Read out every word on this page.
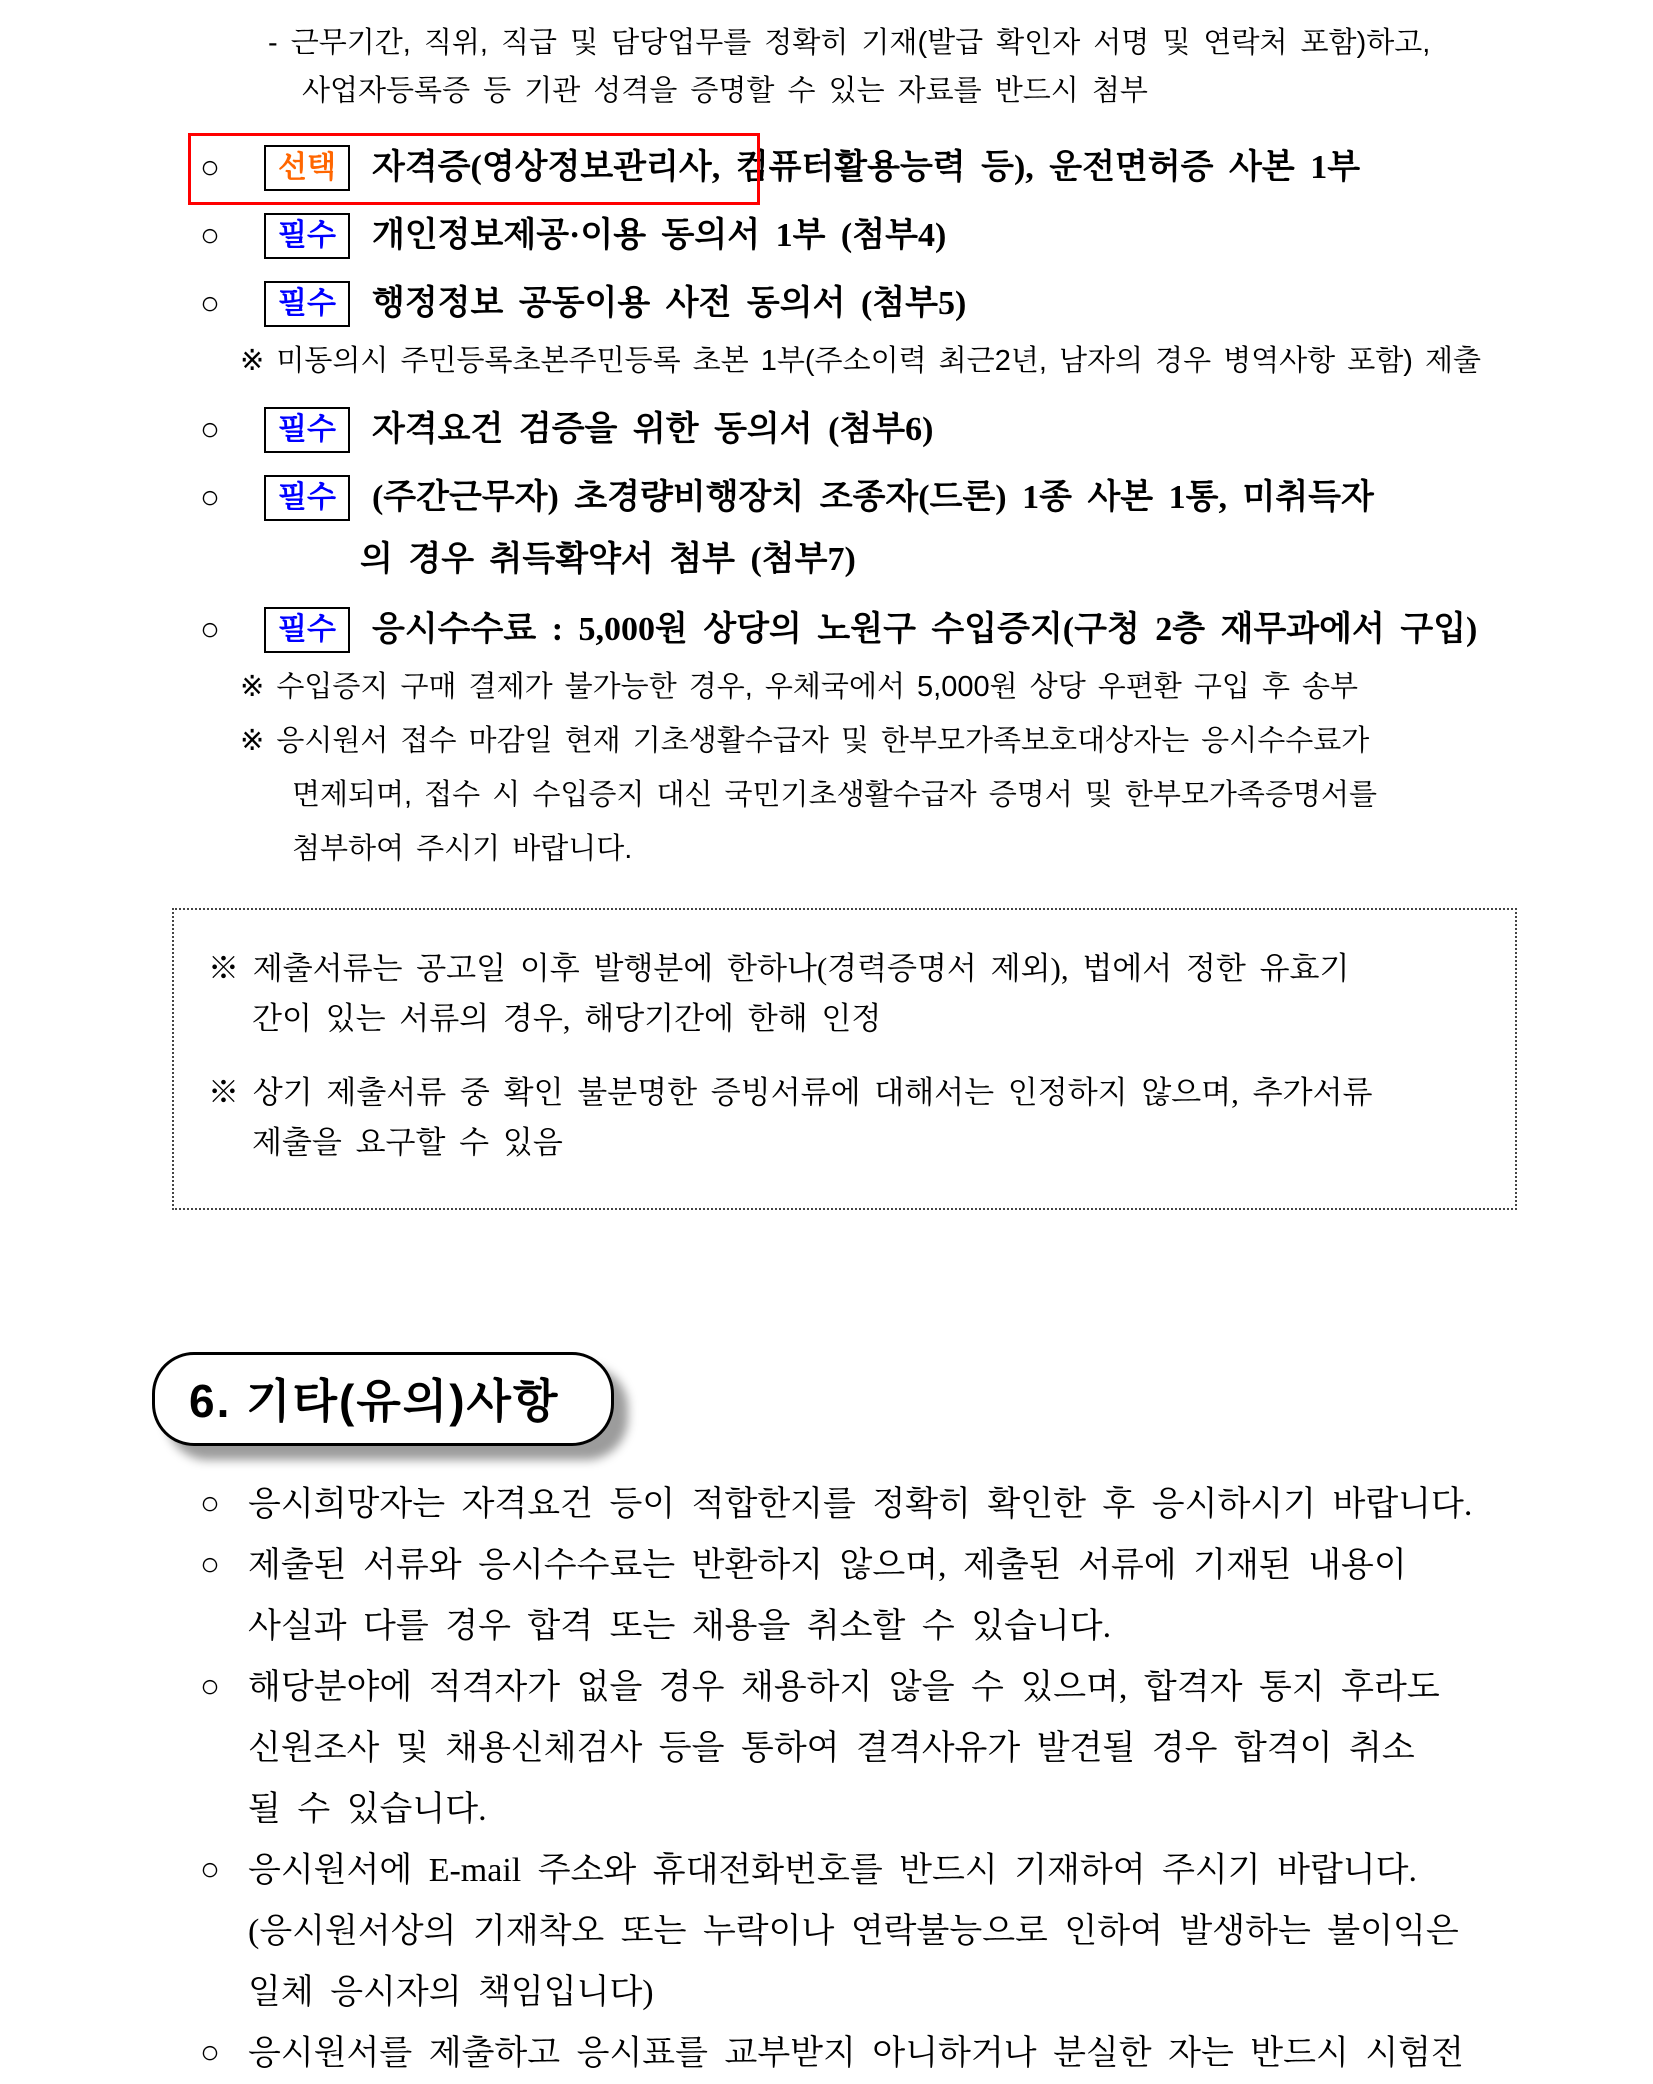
- 근무기간, 직위, 직급 및 담당업무를 정확히 기재(발급 확인자 서명 및 연락처 포함)하고,
사업자등록증 등 기관 성격을 증명할 수 있는 자료를 반드시 첨부
○	선택	자격증(영상정보관리사, 컴퓨터활용능력 등), 운전면허증 사본 1부
○	필수	개인정보제공·이용 동의서 1부 (첨부4)
○	필수	행정정보 공동이용 사전 동의서 (첨부5)
※ 미동의시 주민등록초본주민등록 초본 1부(주소이력 최근2년, 남자의 경우 병역사항 포함) 제출
○	필수	자격요건 검증을 위한 동의서 (첨부6)
○	필수	(주간근무자) 초경량비행장치 조종자(드론) 1종 사본 1통, 미취득자
의 경우 취득확약서 첨부 (첨부7)
○	필수	응시수수료 : 5,000원 상당의 노원구 수입증지(구청 2층 재무과에서 구입)
※ 수입증지 구매 결제가 불가능한 경우, 우체국에서 5,000원 상당 우편환 구입 후 송부
※ 응시원서 접수 마감일 현재 기초생활수급자 및 한부모가족보호대상자는 응시수수료가
면제되며, 접수 시 수입증지 대신 국민기초생활수급자 증명서 및 한부모가족증명서를
첨부하여 주시기 바랍니다.
※ 제출서류는 공고일 이후 발행분에 한하나(경력증명서 제외), 법에서 정한 유효기
간이 있는 서류의 경우, 해당기간에 한해 인정
※ 상기 제출서류 중 확인 불분명한 증빙서류에 대해서는 인정하지 않으며, 추가서류
제출을 요구할 수 있음
6. 기타(유의)사항
○ 응시희망자는 자격요건 등이 적합한지를 정확히 확인한 후 응시하시기 바랍니다.
○ 제출된 서류와 응시수수료는 반환하지 않으며, 제출된 서류에 기재된 내용이
사실과 다를 경우 합격 또는 채용을 취소할 수 있습니다.
○ 해당분야에 적격자가 없을 경우 채용하지 않을 수 있으며, 합격자 통지 후라도
신원조사 및 채용신체검사 등을 통하여 결격사유가 발견될 경우 합격이 취소
될 수 있습니다.
○ 응시원서에 E-mail 주소와 휴대전화번호를 반드시 기재하여 주시기 바랍니다.
(응시원서상의 기재착오 또는 누락이나 연락불능으로 인하여 발생하는 불이익은
일체 응시자의 책임입니다)
○ 응시원서를 제출하고 응시표를 교부받지 아니하거나 분실한 자는 반드시 시험전
